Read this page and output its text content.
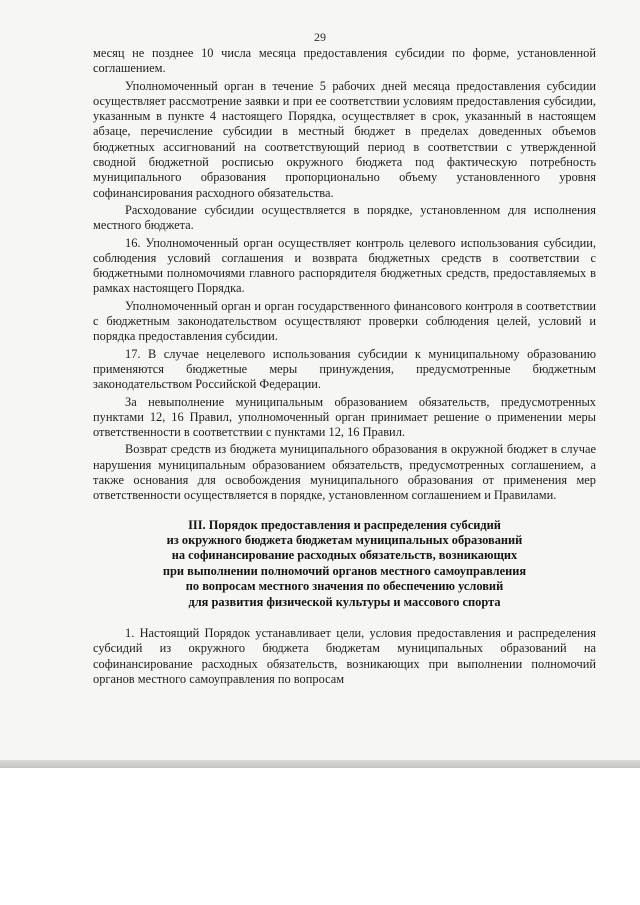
29

месяц не позднее 10 числа месяца предоставления субсидии по форме, установленной соглашением.

Уполномоченный орган в течение 5 рабочих дней месяца предоставления субсидии осуществляет рассмотрение заявки и при ее соответствии условиям предоставления субсидии, указанным в пункте 4 настоящего Порядка, осуществляет в срок, указанный в настоящем абзаце, перечисление субсидии в местный бюджет в пределах доведенных объемов бюджетных ассигнований на соответствующий период в соответствии с утвержденной сводной бюджетной росписью окружного бюджета под фактическую потребность муниципального образования пропорционально объему установленного уровня софинансирования расходного обязательства.

Расходование субсидии осуществляется в порядке, установленном для исполнения местного бюджета.

16. Уполномоченный орган осуществляет контроль целевого использования субсидии, соблюдения условий соглашения и возврата бюджетных средств в соответствии с бюджетными полномочиями главного распорядителя бюджетных средств, предоставляемых в рамках настоящего Порядка.

Уполномоченный орган и орган государственного финансового контроля в соответствии с бюджетным законодательством осуществляют проверки соблюдения целей, условий и порядка предоставления субсидии.

17. В случае нецелевого использования субсидии к муниципальному образованию применяются бюджетные меры принуждения, предусмотренные бюджетным законодательством Российской Федерации.

За невыполнение муниципальным образованием обязательств, предусмотренных пунктами 12, 16 Правил, уполномоченный орган принимает решение о применении меры ответственности в соответствии с пунктами 12, 16 Правил.

Возврат средств из бюджета муниципального образования в окружной бюджет в случае нарушения муниципальным образованием обязательств, предусмотренных соглашением, а также основания для освобождения муниципального образования от применения мер ответственности осуществляется в порядке, установленном соглашением и Правилами.

III. Порядок предоставления и распределения субсидий
из окружного бюджета бюджетам муниципальных образований
на софинансирование расходных обязательств, возникающих
при выполнении полномочий органов местного самоуправления
по вопросам местного значения по обеспечению условий
для развития физической культуры и массового спорта

1. Настоящий Порядок устанавливает цели, условия предоставления и распределения субсидий из окружного бюджета бюджетам муниципальных образований на софинансирование расходных обязательств, возникающих при выполнении полномочий органов местного самоуправления по вопросам
